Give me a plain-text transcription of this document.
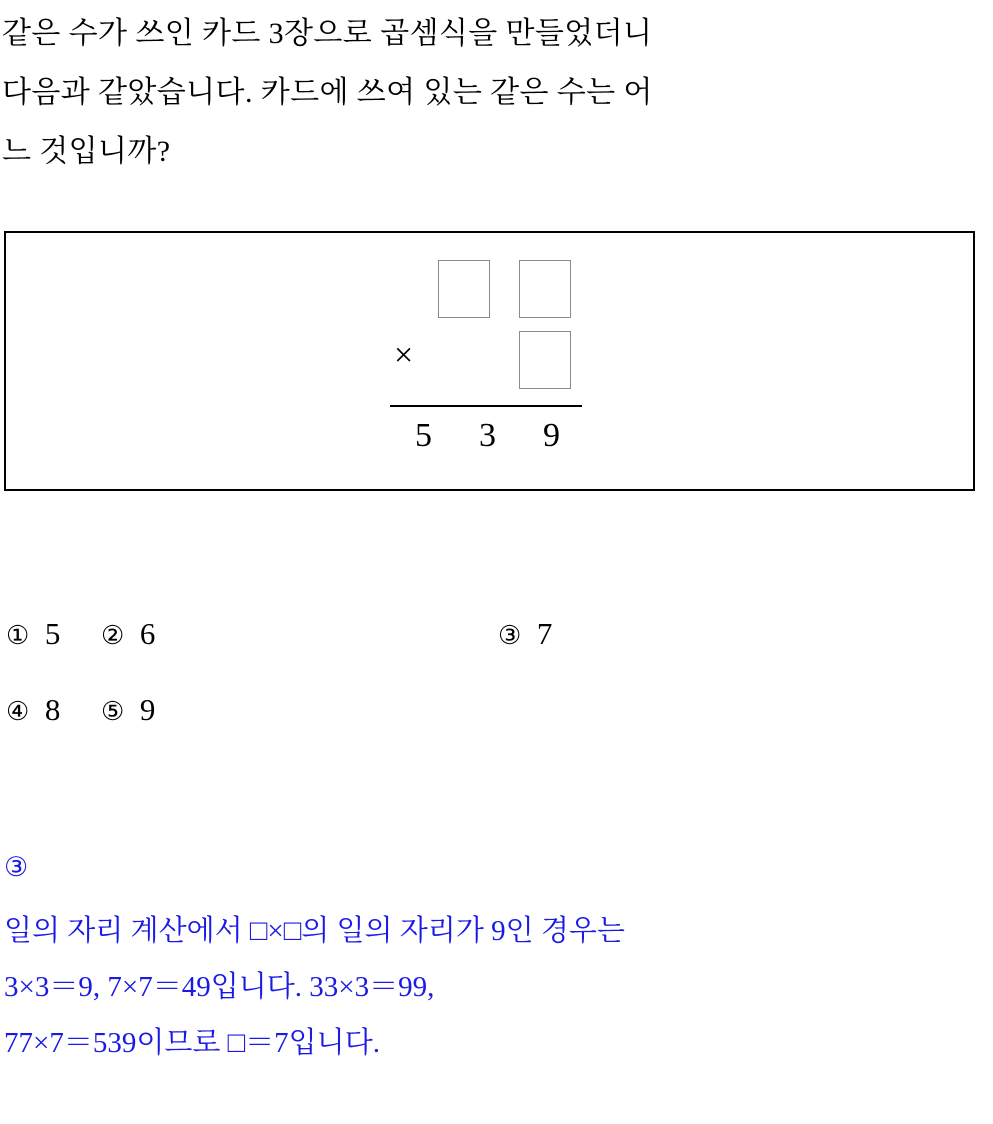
같은 수가 쓰인 카드 3장으로 곱셈식을 만들었더니
다음과 같았습니다. 카드에 쓰여 있는 같은 수는 어
느 것입니까?
×
5	3	9
① 5 ② 6	③ 7
④ 8 ⑤ 9
③
일의 자리 계산에서 □×□의 일의 자리가 9인 경우는
3×3＝9, 7×7＝49입니다. 33×3＝99,
77×7＝539이므로 □＝7입니다.
